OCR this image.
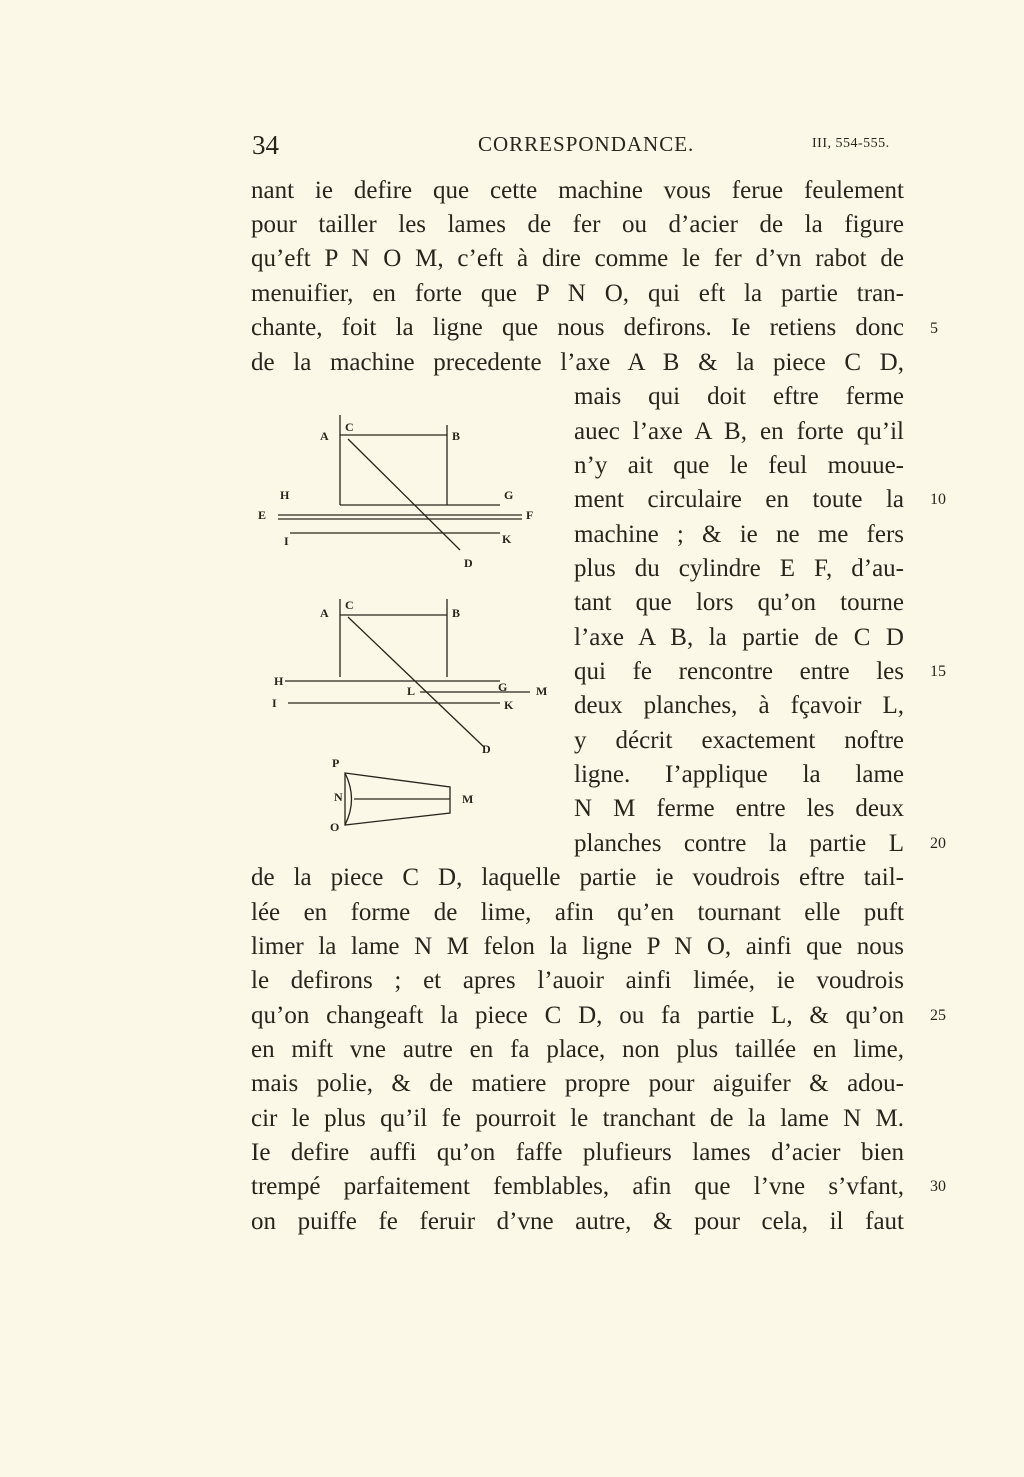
34	CORRESPONDANCE.	III, 554-555.
nant ie defire que cette machine vous ferue feulement
pour tailler les lames de fer ou d’acier de la figure
qu’eft P N O M, c’eft à dire comme le fer d’vn rabot de
menuifier, en forte que P N O, qui eft la partie tran-
chante, foit la ligne que nous defirons. Ie retiens donc
de la machine precedente l’axe A B & la piece C D,
mais qui doit eftre ferme
auec l’axe A B, en forte qu’il
n’y ait que le feul mouue-
ment circulaire en toute la
machine ; & ie ne me fers
plus du cylindre E F, d’au-
tant que lors qu’on tourne
l’axe A B, la partie de C D
qui fe rencontre entre les
deux planches, à fçavoir L,
y décrit exactement noftre
ligne. I’applique la lame
N M ferme entre les deux
planches contre la partie L
de la piece C D, laquelle partie ie voudrois eftre tail-
lée en forme de lime, afin qu’en tournant elle puft
limer la lame N M felon la ligne P N O, ainfi que nous
le defirons ; et apres l’auoir ainfi limée, ie voudrois
qu’on changeaft la piece C D, ou fa partie L, & qu’on
en mift vne autre en fa place, non plus taillée en lime,
mais polie, & de matiere propre pour aiguifer & adou-
cir le plus qu’il fe pourroit le tranchant de la lame N M.
Ie defire auffi qu’on faffe plufieurs lames d’acier bien
trempé parfaitement femblables, afin que l’vne s’vfant,
on puiffe fe feruir d’vne autre, & pour cela, il faut
5
10
15
20
25
30
A
C
B
H	G
E	F
I	K
D
A
C
B
H	G M
L
I	K
D
P
N	M
O
